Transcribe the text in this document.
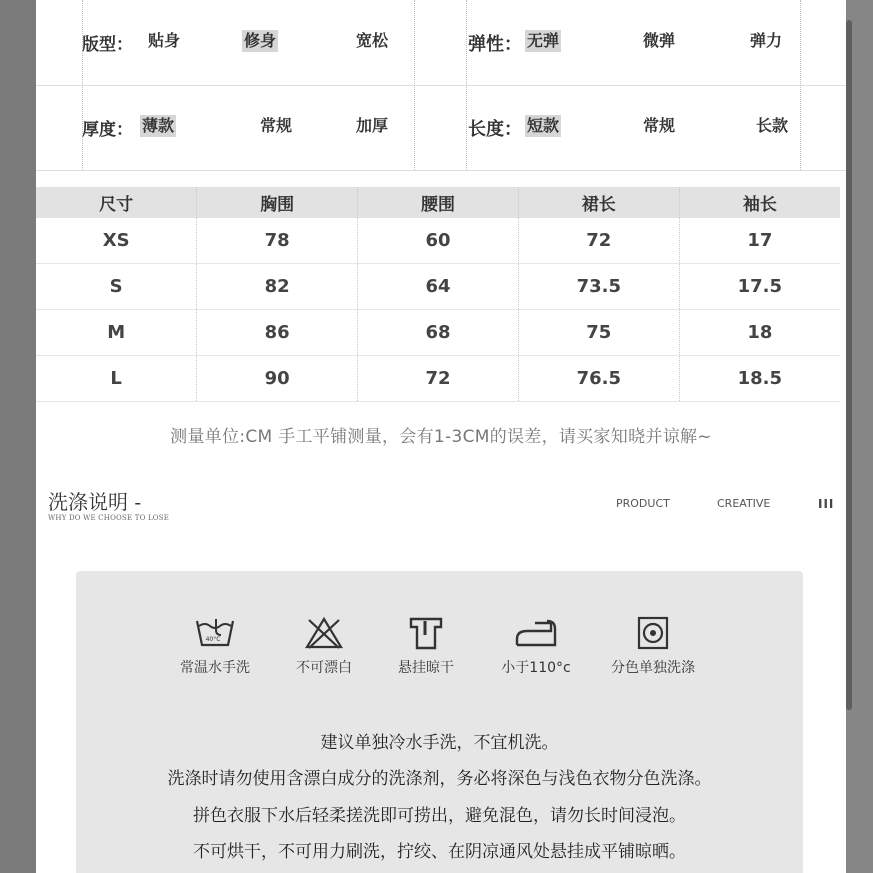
版型： 贴身	修身	宽松	弹性： 无弹	微弹	弹力
厚度： 薄款	常规	加厚	长度： 短款	常规	长款
尺寸	胸围	腰围	裙长	袖长
XS	78	60	72	17
S	82	64	73.5	17.5
M	86	68	75	18
L	90	72	76.5	18.5
测量单位:CM 手工平铺测量，会有1-3CM的误差，请买家知晓并谅解~
洗涤说明 -
WHY DO WE CHOOSE TO LOSE
PRODUCT	CREATIVE	III
40°C
常温水手洗	不可漂白	悬挂晾干	小于110°c	分色单独洗涤
建议单独冷水手洗，不宜机洗。
洗涤时请勿使用含漂白成分的洗涤剂，务必将深色与浅色衣物分色洗涤。
拼色衣服下水后轻柔搓洗即可捞出，避免混色，请勿长时间浸泡。
不可烘干，不可用力刷洗，拧绞、在阴凉通风处悬挂成平铺晾晒。
